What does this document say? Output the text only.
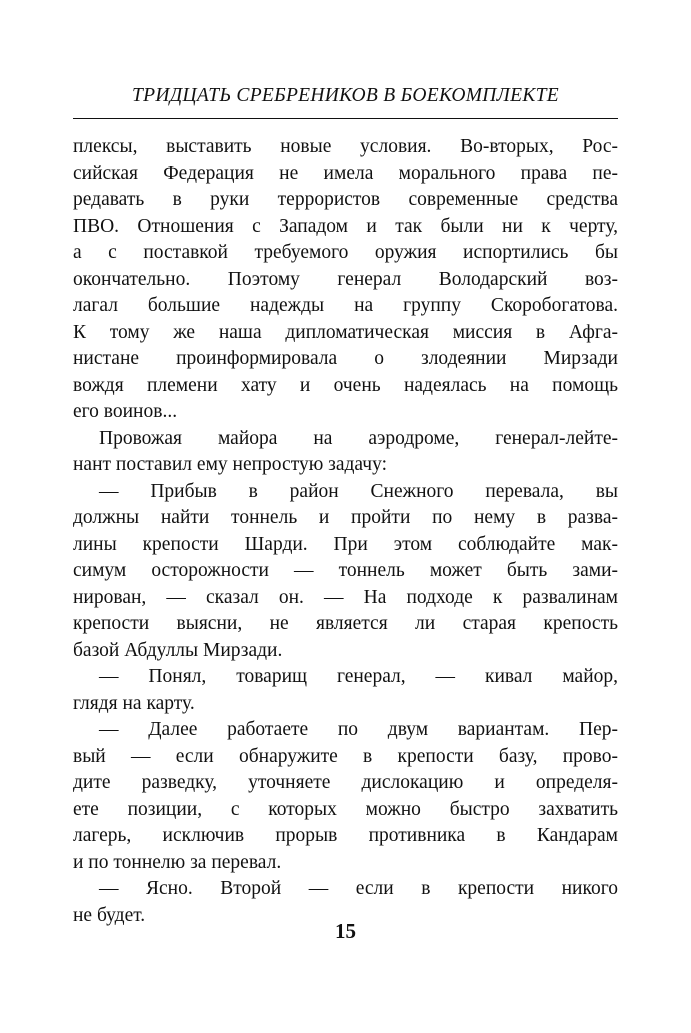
ТРИДЦАТЬ СРЕБРЕНИКОВ В БОЕКОМПЛЕКТЕ

плексы, выставить новые условия. Во-вторых, Рос-
сийская Федерация не имела морального права пе-
редавать в руки террористов современные средства
ПВО. Отношения с Западом и так были ни к черту,
а с поставкой требуемого оружия испортились бы
окончательно. Поэтому генерал Володарский воз-
лагал большие надежды на группу Скоробогатова.
К тому же наша дипломатическая миссия в Афга-
нистане проинформировала о злодеянии Мирзади
вождя племени хату и очень надеялась на помощь
его воинов...

Провожая майора на аэродроме, генерал-лейте-
нант поставил ему непростую задачу:

— Прибыв в район Снежного перевала, вы
должны найти тоннель и пройти по нему в разва-
лины крепости Шарди. При этом соблюдайте мак-
симум осторожности — тоннель может быть зами-
нирован, — сказал он. — На подходе к развалинам
крепости выясни, не является ли старая крепость
базой Абдуллы Мирзади.

— Понял, товарищ генерал, — кивал майор,
глядя на карту.

— Далее работаете по двум вариантам. Пер-
вый — если обнаружите в крепости базу, прово-
дите разведку, уточняете дислокацию и определя-
ете позиции, с которых можно быстро захватить
лагерь, исключив прорыв противника в Кандарам
и по тоннелю за перевал.

— Ясно. Второй — если в крепости никого
не будет.

15
